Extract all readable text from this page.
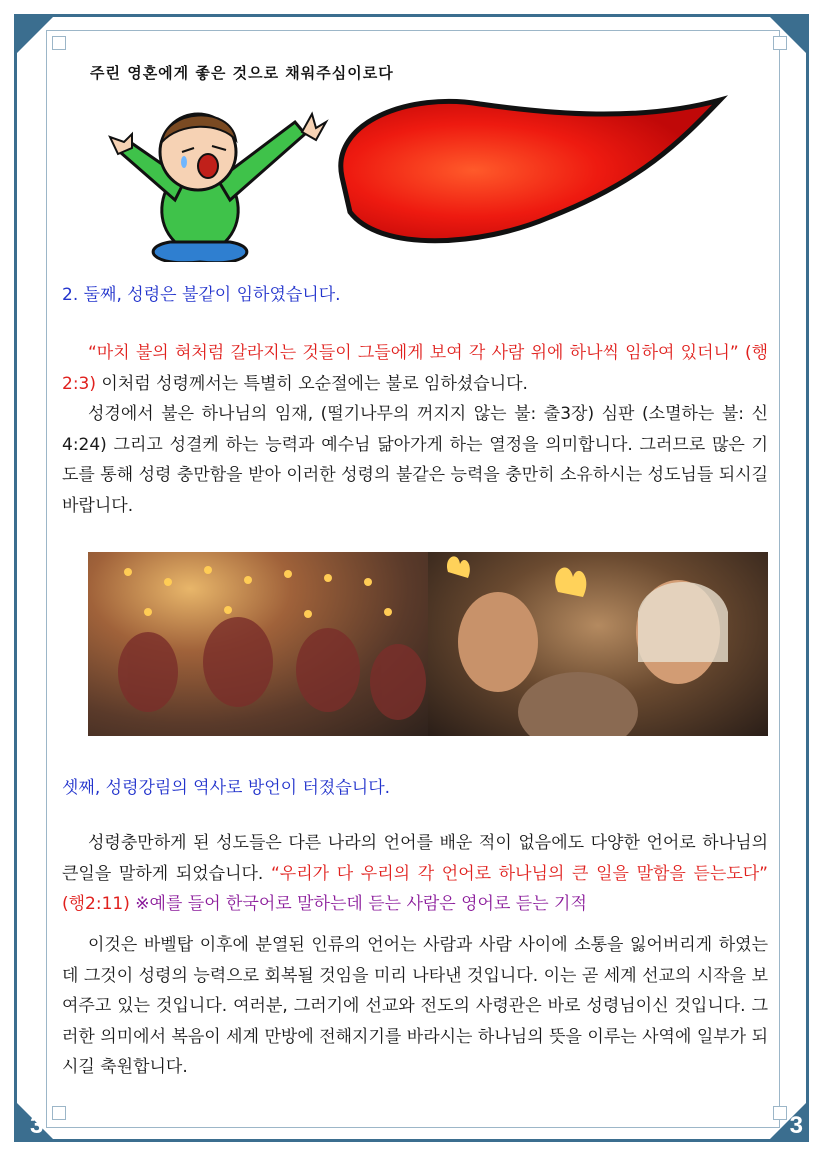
3	3
주린 영혼에게 좋은 것으로 채워주심이로다
2. 둘째, 성령은 불같이 임하였습니다.
“마치 불의 혀처럼 갈라지는 것들이 그들에게 보여 각 사람 위에 하나씩 임하여 있더니” (행2:3) 이처럼 성령께서는 특별히 오순절에는 불로 임하셨습니다.
성경에서 불은 하나님의 임재, (떨기나무의 꺼지지 않는 불: 출3장) 심판 (소멸하는 불: 신4:24) 그리고 성결케 하는 능력과 예수님 닮아가게 하는 열정을 의미합니다. 그러므로 많은 기도를 통해 성령 충만함을 받아 이러한 성령의 불같은 능력을 충만히 소유하시는 성도님들 되시길 바랍니다.
셋째, 성령강림의 역사로 방언이 터졌습니다.
성령충만하게 된 성도들은 다른 나라의 언어를 배운 적이 없음에도 다양한 언어로 하나님의 큰일을 말하게 되었습니다. “우리가 다 우리의 각 언어로 하나님의 큰 일을 말함을 듣는도다” (행2:11) ※예를 들어 한국어로 말하는데 듣는 사람은 영어로 듣는 기적
이것은 바벨탑 이후에 분열된 인류의 언어는 사람과 사람 사이에 소통을 잃어버리게 하였는데 그것이 성령의 능력으로 회복될 것임을 미리 나타낸 것입니다. 이는 곧 세계 선교의 시작을 보여주고 있는 것입니다. 여러분, 그러기에 선교와 전도의 사령관은 바로 성령님이신 것입니다. 그러한 의미에서 복음이 세계 만방에 전해지기를 바라시는 하나님의 뜻을 이루는 사역에 일부가 되시길 축원합니다.
